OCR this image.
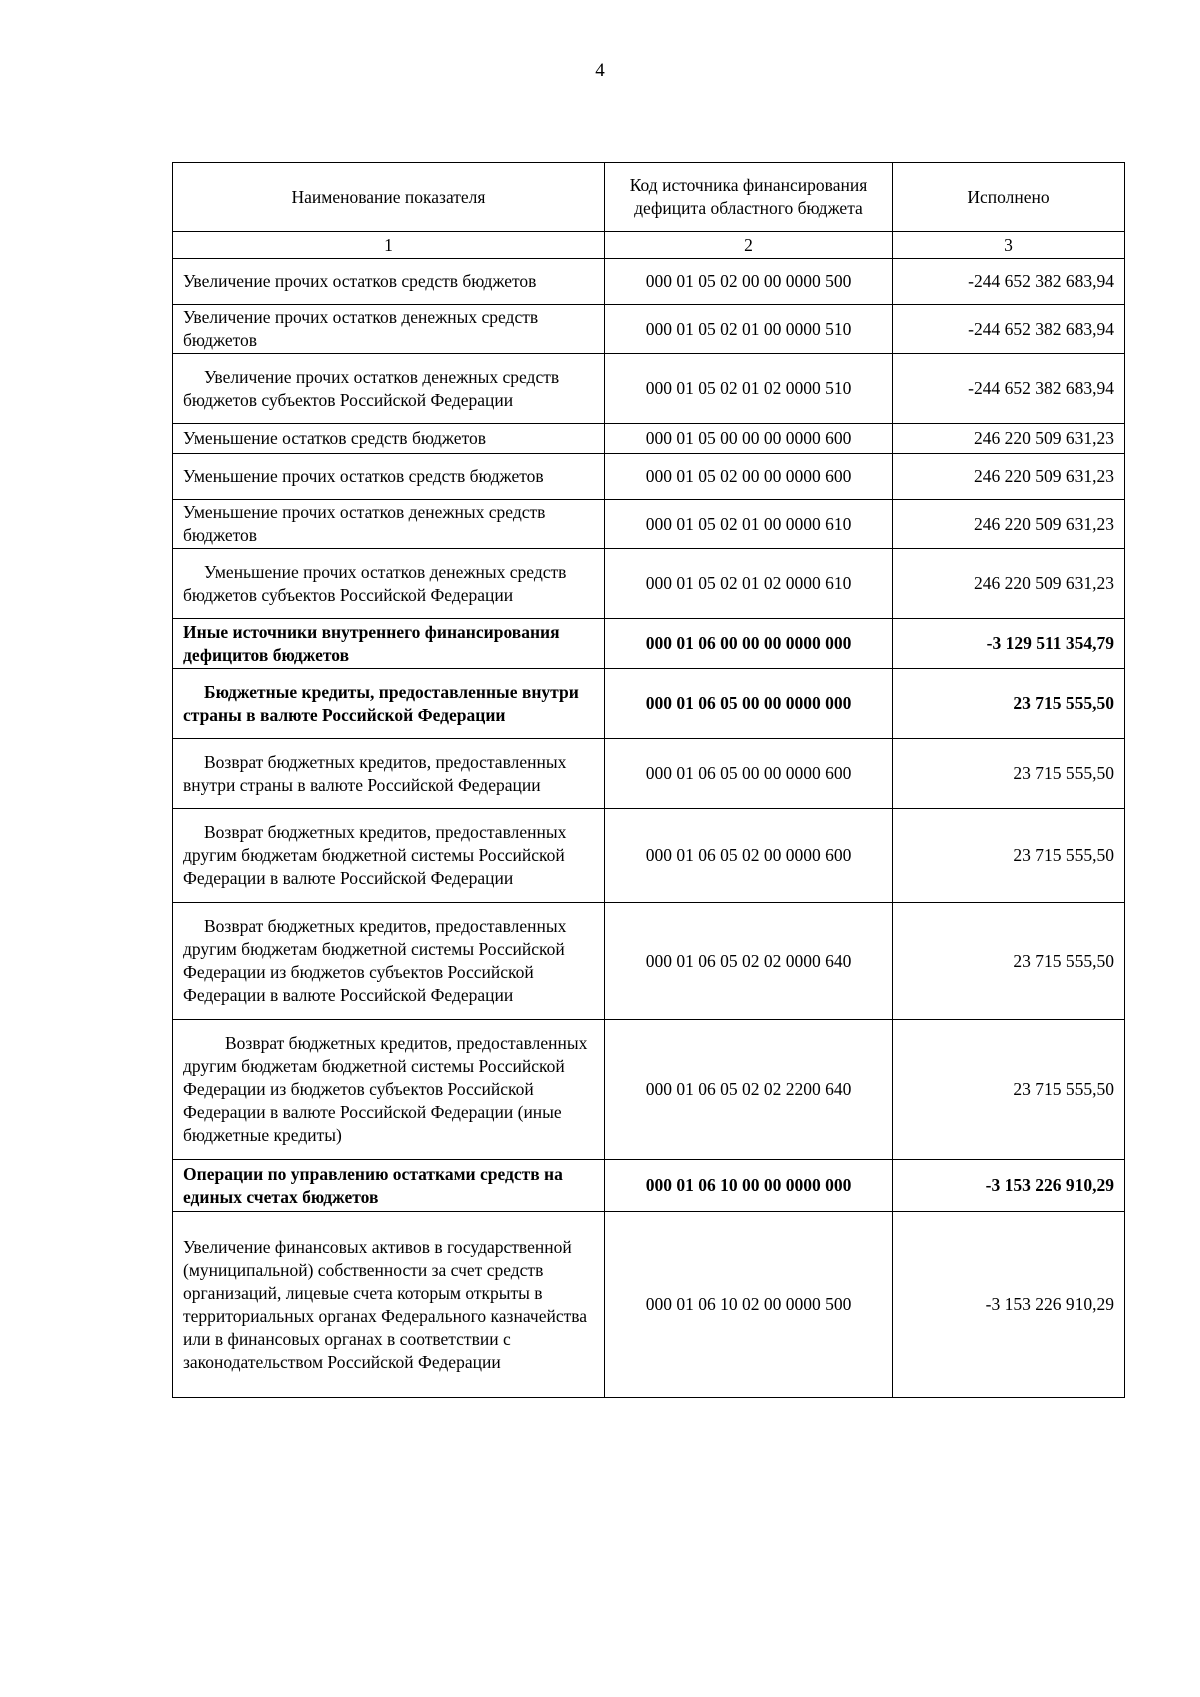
4
Наименование показателя	Код источника финансирования дефицита областного бюджета	Исполнено
1	2	3
Увеличение прочих остатков средств бюджетов	000 01 05 02 00 00 0000 500	-244 652 382 683,94
Увеличение прочих остатков денежных средств бюджетов	000 01 05 02 01 00 0000 510	-244 652 382 683,94
Увеличение прочих остатков денежных средств бюджетов субъектов Российской Федерации	000 01 05 02 01 02 0000 510	-244 652 382 683,94
Уменьшение остатков средств бюджетов	000 01 05 00 00 00 0000 600	246 220 509 631,23
Уменьшение прочих остатков средств бюджетов	000 01 05 02 00 00 0000 600	246 220 509 631,23
Уменьшение прочих остатков денежных средств бюджетов	000 01 05 02 01 00 0000 610	246 220 509 631,23
Уменьшение прочих остатков денежных средств бюджетов субъектов Российской Федерации	000 01 05 02 01 02 0000 610	246 220 509 631,23
Иные источники внутреннего финансирования дефицитов бюджетов	000 01 06 00 00 00 0000 000	-3 129 511 354,79
Бюджетные кредиты, предоставленные внутри страны в валюте Российской Федерации	000 01 06 05 00 00 0000 000	23 715 555,50
Возврат бюджетных кредитов, предоставленных внутри страны в валюте Российской Федерации	000 01 06 05 00 00 0000 600	23 715 555,50
Возврат бюджетных кредитов, предоставленных другим бюджетам бюджетной системы Российской Федерации в валюте Российской Федерации	000 01 06 05 02 00 0000 600	23 715 555,50
Возврат бюджетных кредитов, предоставленных другим бюджетам бюджетной системы Российской Федерации из бюджетов субъектов Российской Федерации в валюте Российской Федерации	000 01 06 05 02 02 0000 640	23 715 555,50
Возврат бюджетных кредитов, предоставленных другим бюджетам бюджетной системы Российской Федерации из бюджетов субъектов Российской Федерации в валюте Российской Федерации (иные бюджетные кредиты)	000 01 06 05 02 02 2200 640	23 715 555,50
Операции по управлению остатками средств на единых счетах бюджетов	000 01 06 10 00 00 0000 000	-3 153 226 910,29
Увеличение финансовых активов в государственной (муниципальной) собственности за счет средств организаций, лицевые счета которым открыты в территориальных органах Федерального казначейства или в финансовых органах в соответствии с законодательством Российской Федерации	000 01 06 10 02 00 0000 500	-3 153 226 910,29
